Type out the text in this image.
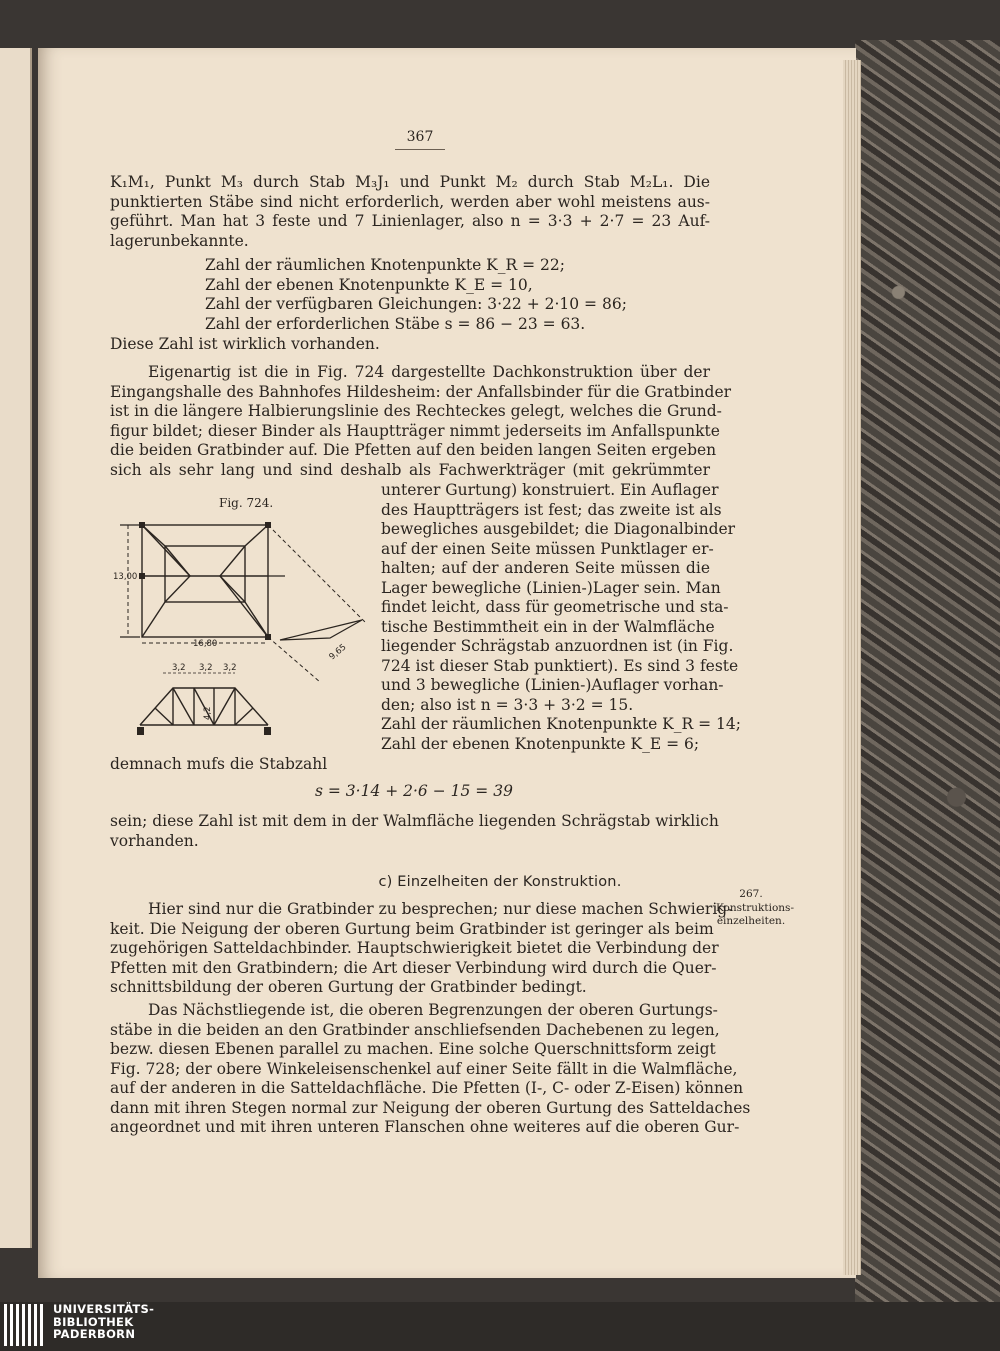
367
K₁M₁, Punkt M₃ durch Stab M₃J₁ und Punkt M₂ durch Stab M₂L₁. Die
punktierten Stäbe sind nicht erforderlich, werden aber wohl meistens aus-
geführt. Man hat 3 feste und 7 Linienlager, also n = 3·3 + 2·7 = 23 Auf-
lagerunbekannte.
Zahl der räumlichen Knotenpunkte K_R = 22;
Zahl der ebenen Knotenpunkte K_E = 10,
Zahl der verfügbaren Gleichungen: 3·22 + 2·10 = 86;
Zahl der erforderlichen Stäbe s = 86 − 23 = 63.
Diese Zahl ist wirklich vorhanden.
Eigenartig ist die in Fig. 724 dargestellte Dachkonstruktion über der
Eingangshalle des Bahnhofes Hildesheim: der Anfallsbinder für die Gratbinder
ist in die längere Halbierungslinie des Rechteckes gelegt, welches die Grund-
figur bildet; dieser Binder als Hauptträger nimmt jederseits im Anfallspunkte
die beiden Gratbinder auf. Die Pfetten auf den beiden langen Seiten ergeben
sich als sehr lang und sind deshalb als Fachwerkträger (mit gekrümmter
unterer Gurtung) konstruiert. Ein Auflager
des Hauptträgers ist fest; das zweite ist als
bewegliches ausgebildet; die Diagonalbinder
auf der einen Seite müssen Punktlager er-
halten; auf der anderen Seite müssen die
Lager bewegliche (Linien-)Lager sein. Man
findet leicht, dass für geometrische und sta-
tische Bestimmtheit ein in der Walmfläche
liegender Schrägstab anzuordnen ist (in Fig.
724 ist dieser Stab punktiert). Es sind 3 feste
und 3 bewegliche (Linien-)Auflager vorhan-
den; also ist n = 3·3 + 3·2 = 15.
Zahl der räumlichen Knotenpunkte K_R = 14;
Zahl der ebenen Knotenpunkte K_E = 6;
Fig. 724.
13,00
16,80	9,65
3,2 3,2 3,2
4,2
demnach mufs die Stabzahl
s = 3·14 + 2·6 − 15 = 39
sein; diese Zahl ist mit dem in der Walmfläche liegenden Schrägstab wirklich
vorhanden.
c) Einzelheiten der Konstruktion.
267.
Konstruktions-
einzelheiten.
Hier sind nur die Gratbinder zu besprechen; nur diese machen Schwierig-
keit. Die Neigung der oberen Gurtung beim Gratbinder ist geringer als beim
zugehörigen Satteldachbinder. Hauptschwierigkeit bietet die Verbindung der
Pfetten mit den Gratbindern; die Art dieser Verbindung wird durch die Quer-
schnittsbildung der oberen Gurtung der Gratbinder bedingt.
Das Nächstliegende ist, die oberen Begrenzungen der oberen Gurtungs-
stäbe in die beiden an den Gratbinder anschliefsenden Dachebenen zu legen,
bezw. diesen Ebenen parallel zu machen. Eine solche Querschnittsform zeigt
Fig. 728; der obere Winkeleisenschenkel auf einer Seite fällt in die Walmfläche,
auf der anderen in die Satteldachfläche. Die Pfetten (I-, C- oder Z-Eisen) können
dann mit ihren Stegen normal zur Neigung der oberen Gurtung des Satteldaches
angeordnet und mit ihren unteren Flanschen ohne weiteres auf die oberen Gur-
UNIVERSITÄTS-
BIBLIOTHEK
PADERBORN
